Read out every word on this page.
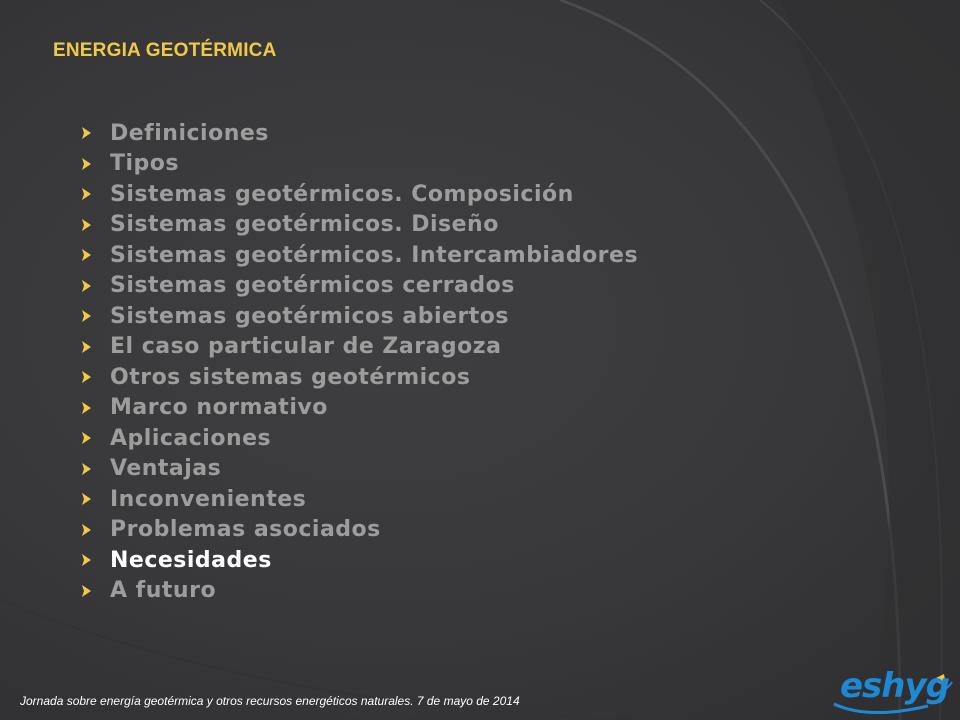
ENERGIA GEOTÉRMICA
Definiciones
Tipos
Sistemas geotérmicos. Composición
Sistemas geotérmicos. Diseño
Sistemas geotérmicos. Intercambiadores
Sistemas geotérmicos cerrados
Sistemas geotérmicos abiertos
El caso particular de Zaragoza
Otros sistemas geotérmicos
Marco normativo
Aplicaciones
Ventajas
Inconvenientes
Problemas asociados
Necesidades
A futuro
Jornada sobre energía geotérmica y otros recursos energéticos naturales. 7 de mayo de 2014	eshyg
